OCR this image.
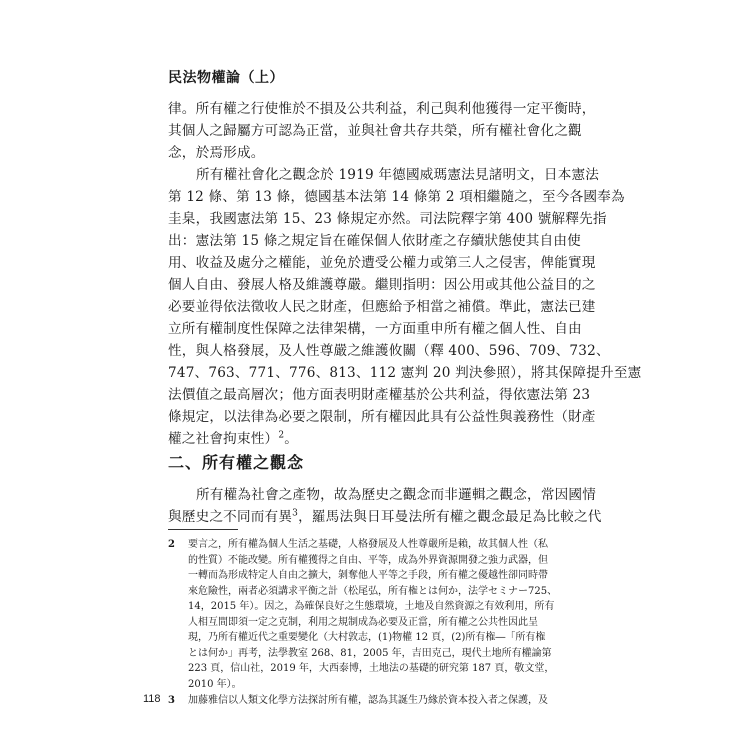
民法物權論（上）
律。所有權之行使惟於不損及公共利益，利己與利他獲得一定平衡時，
其個人之歸屬方可認為正當，並與社會共存共榮，所有權社會化之觀
念，於焉形成。
所有權社會化之觀念於 1919 年德國威瑪憲法見諸明文，日本憲法
第 12 條、第 13 條，德國基本法第 14 條第 2 項相繼隨之，至今各國奉為
圭臬，我國憲法第 15、23 條規定亦然。司法院釋字第 400 號解釋先指
出：憲法第 15 條之規定旨在確保個人依財產之存續狀態使其自由使
用、收益及處分之權能，並免於遭受公權力或第三人之侵害，俾能實現
個人自由、發展人格及維護尊嚴。繼則指明：因公用或其他公益目的之
必要並得依法徵收人民之財產，但應給予相當之補償。準此，憲法已建
立所有權制度性保障之法律架構，一方面重申所有權之個人性、自由
性，與人格發展，及人性尊嚴之維護攸關（釋 400、596、709、732、
747、763、771、776、813、112 憲判 20 判決參照），將其保障提升至憲
法價值之最高層次；他方面表明財產權基於公共利益，得依憲法第 23
條規定，以法律為必要之限制，所有權因此具有公益性與義務性（財產
權之社會拘束性）$^2$。
二、所有權之觀念
所有權為社會之產物，故為歷史之觀念而非邏輯之觀念，常因國情
與歷史之不同而有異$^3$，羅馬法與日耳曼法所有權之觀念最足為比較之代
2 要言之，所有權為個人生活之基礎，人格發展及人性尊嚴所是賴，故其個人性（私
的性質）不能改變。所有權獲得之自由、平等，成為外界資源開發之強力武器，但
一轉而為形成特定人自由之擴大，剝奪他人平等之手段，所有權之優越性卻同時帶
來危險性，兩者必須講求平衡之計（松尾弘，所有権とは何か，法学セミナー725、
14，2015 年）。因之，為確保良好之生態環境，土地及自然資源之有效利用，所有
人相互間即須一定之克制，利用之規制成為必要及正當，所有權之公共性因此呈
現，乃所有權近代之重要變化（大村敦志，(1)物權 12 頁，(2)所有権―「所有権
とは何か」再考，法學教室 268、81，2005 年，吉田克己，現代土地所有權論第
223 頁，信山社，2019 年，大西泰博，土地法の基礎的研究第 187 頁，敬文堂，
2010 年）。
3 加藤雅信以人類文化學方法探討所有權，認為其誕生乃緣於資本投入者之保護，及
118
